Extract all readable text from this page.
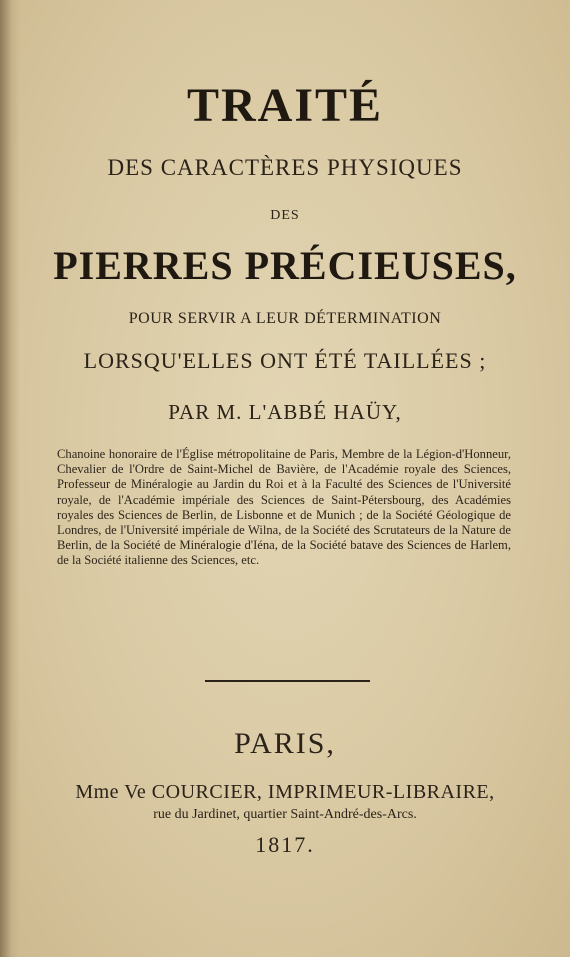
TRAITÉ
DES CARACTÈRES PHYSIQUES
DES
PIERRES PRÉCIEUSES,
POUR SERVIR A LEUR DÉTERMINATION
LORSQU'ELLES ONT ÉTÉ TAILLÉES ;
PAR M. L'ABBÉ HAÜY,
Chanoine honoraire de l'Église métropolitaine de Paris, Membre de la Légion-d'Honneur, Chevalier de l'Ordre de Saint-Michel de Bavière, de l'Académie royale des Sciences, Professeur de Minéralogie au Jardin du Roi et à la Faculté des Sciences de l'Université royale, de l'Académie impériale des Sciences de Saint-Pétersbourg, des Académies royales des Sciences de Berlin, de Lisbonne et de Munich ; de la Société Géologique de Londres, de l'Université impériale de Wilna, de la Société des Scrutateurs de la Nature de Berlin, de la Société de Minéralogie d'Iéna, de la Société batave des Sciences de Harlem, de la Société italienne des Sciences, etc.
PARIS,
Mme Ve COURCIER, IMPRIMEUR-LIBRAIRE,
rue du Jardinet, quartier Saint-André-des-Arcs.
1817.
